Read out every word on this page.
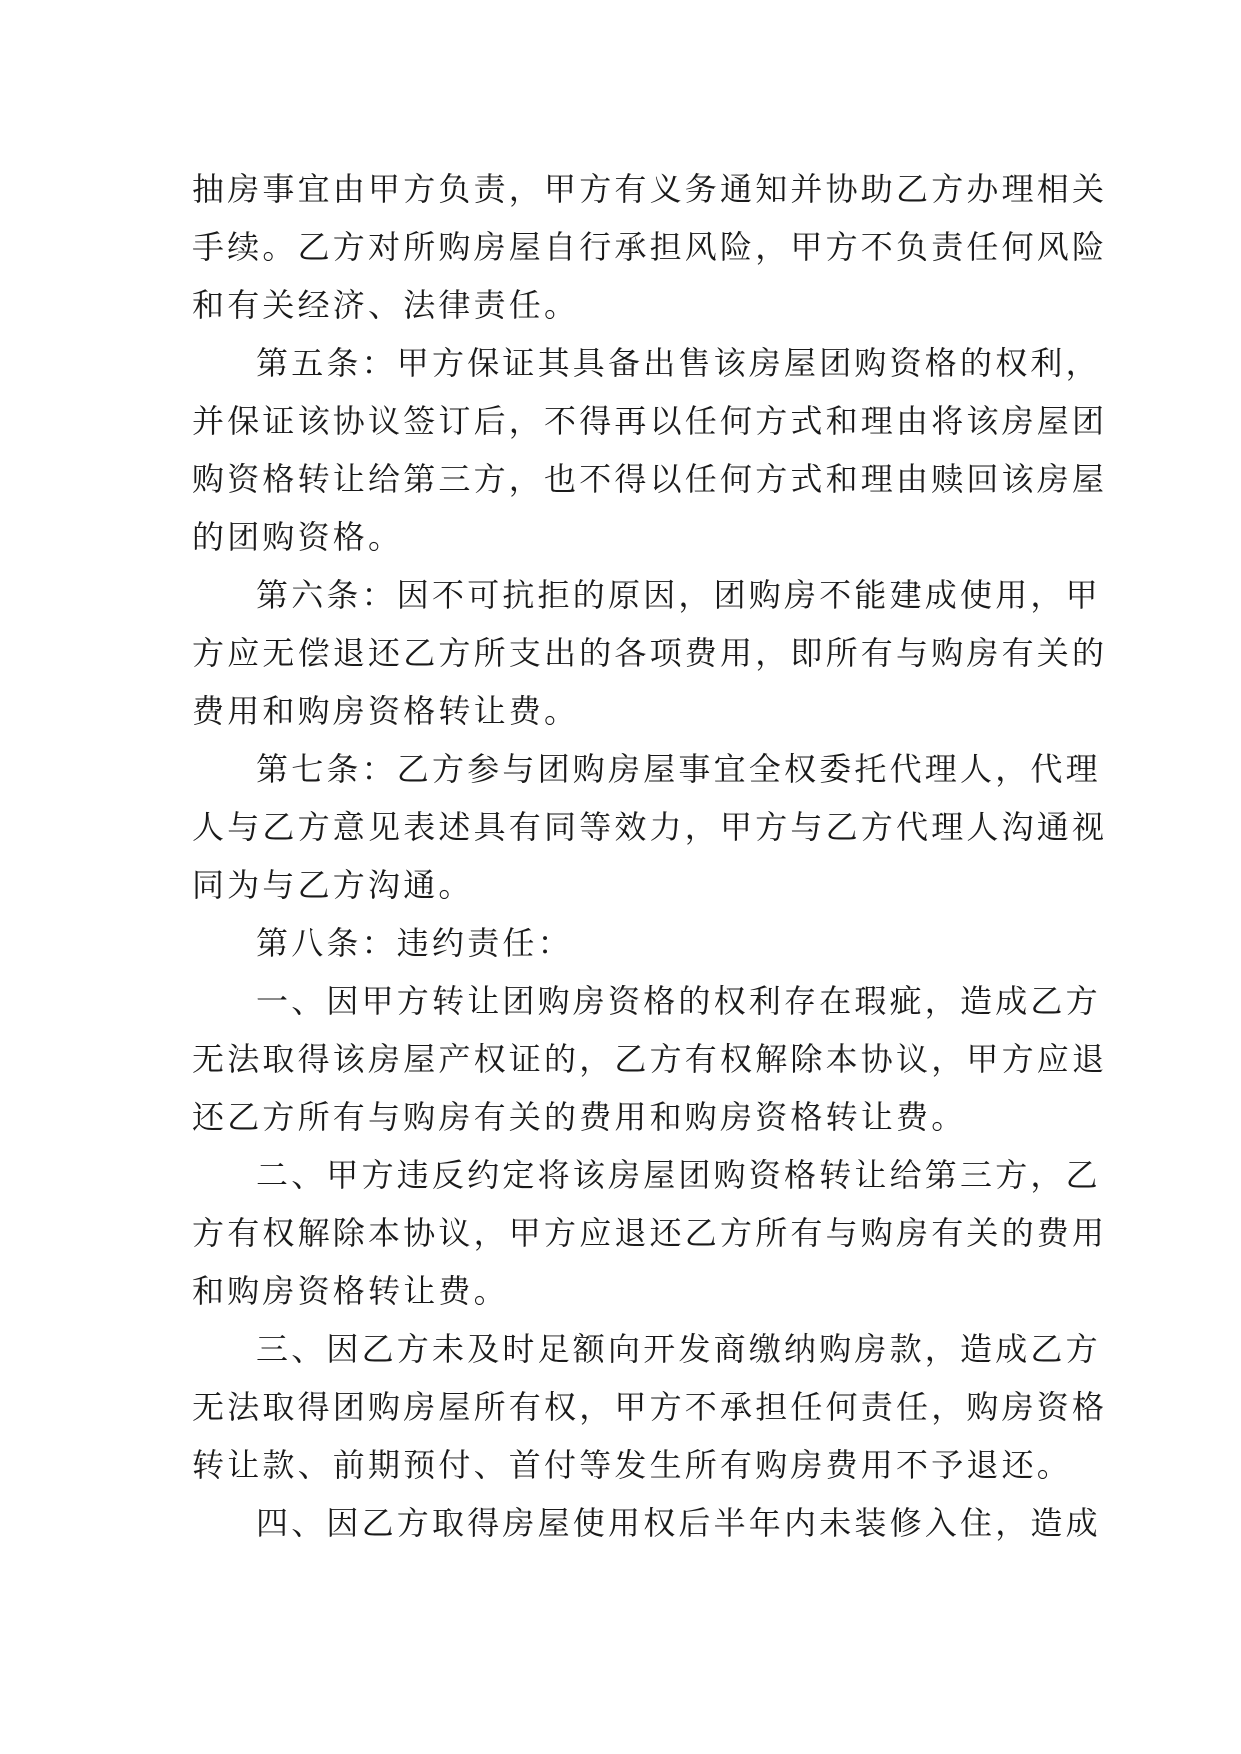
抽房事宜由甲方负责，甲方有义务通知并协助乙方办理相关
手续。乙方对所购房屋自行承担风险，甲方不负责任何风险
和有关经济、法律责任。
第五条：甲方保证其具备出售该房屋团购资格的权利，
并保证该协议签订后，不得再以任何方式和理由将该房屋团
购资格转让给第三方，也不得以任何方式和理由赎回该房屋
的团购资格。
第六条：因不可抗拒的原因，团购房不能建成使用，甲
方应无偿退还乙方所支出的各项费用，即所有与购房有关的
费用和购房资格转让费。
第七条：乙方参与团购房屋事宜全权委托代理人，代理
人与乙方意见表述具有同等效力，甲方与乙方代理人沟通视
同为与乙方沟通。
第八条：违约责任：
一、因甲方转让团购房资格的权利存在瑕疵，造成乙方
无法取得该房屋产权证的，乙方有权解除本协议，甲方应退
还乙方所有与购房有关的费用和购房资格转让费。
二、甲方违反约定将该房屋团购资格转让给第三方，乙
方有权解除本协议，甲方应退还乙方所有与购房有关的费用
和购房资格转让费。
三、因乙方未及时足额向开发商缴纳购房款，造成乙方
无法取得团购房屋所有权，甲方不承担任何责任，购房资格
转让款、前期预付、首付等发生所有购房费用不予退还。
四、因乙方取得房屋使用权后半年内未装修入住，造成
